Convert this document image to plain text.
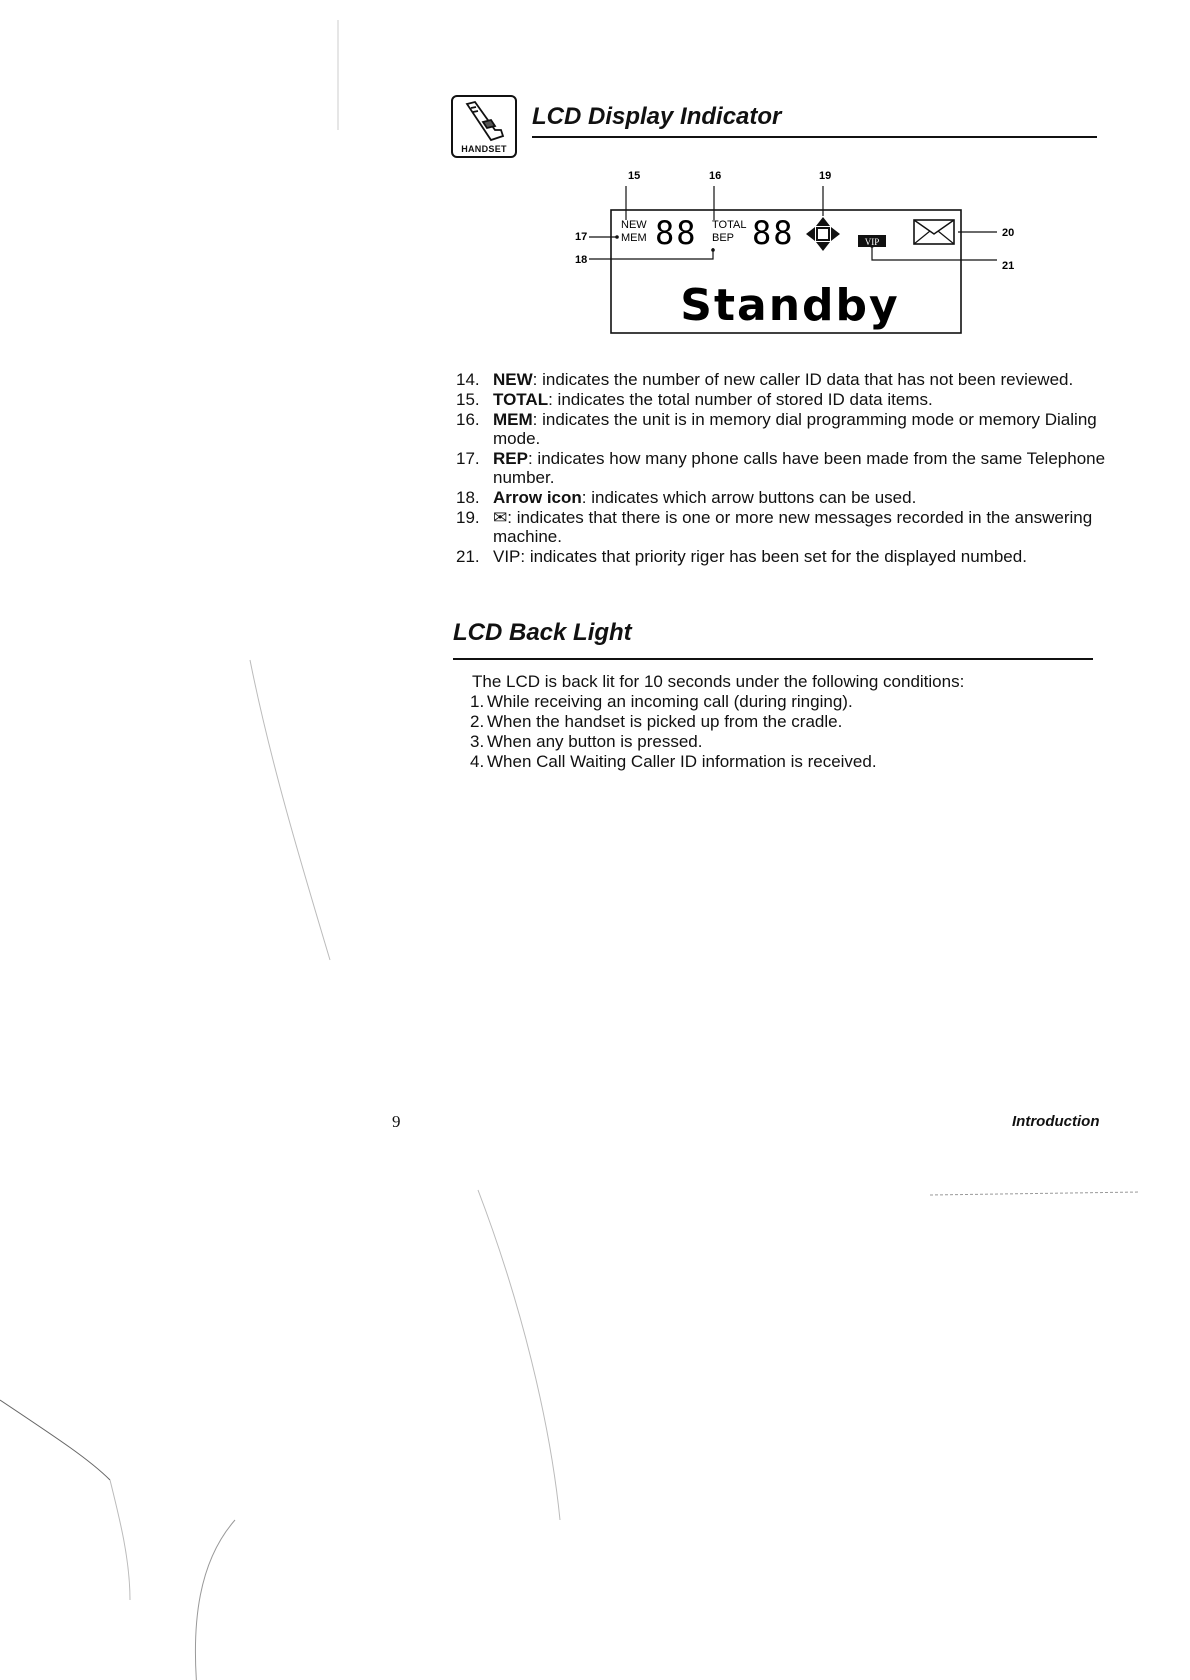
HANDSET
LCD Display Indicator
15	16	19
17
18
20
21
NEW
MEM 88 TOTAL
BEP 88	VIP
Standby
14. NEW: indicates the number of new caller ID data that has not been reviewed.
15. TOTAL: indicates the total number of stored ID data items.
16. MEM: indicates the unit is in memory dial programming mode or memory Dialing mode.
17. REP: indicates how many phone calls have been made from the same Telephone number.
18. Arrow icon: indicates which arrow buttons can be used.
19. ✉: indicates that there is one or more new messages recorded in the answering machine.
21. VIP: indicates that priority riger has been set for the displayed numbed.
LCD Back Light
The LCD is back lit for 10 seconds under the following conditions:
1. While receiving an incoming call (during ringing).
2. When the handset is picked up from the cradle.
3. When any button is pressed.
4. When Call Waiting Caller ID information is received.
9	Introduction
